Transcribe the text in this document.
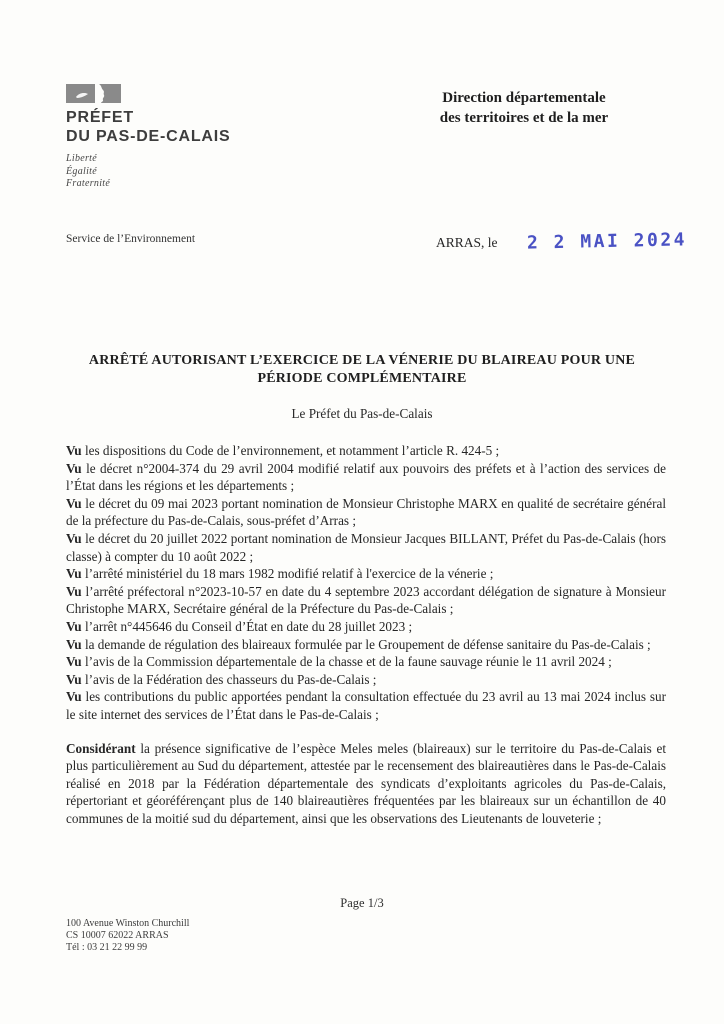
PRÉFET
DU PAS-DE-CALAIS
Liberté
Égalité
Fraternité
Direction départementale
des territoires et de la mer
Service de l’Environnement	ARRAS, le 2 2 MAI 2024
ARRÊTÉ AUTORISANT L’EXERCICE DE LA VÉNERIE DU BLAIREAU POUR UNE PÉRIODE COMPLÉMENTAIRE
Le Préfet du Pas-de-Calais

Vu les dispositions du Code de l’environnement, et notamment l’article R. 424-5 ;

Vu le décret n°2004-374 du 29 avril 2004 modifié relatif aux pouvoirs des préfets et à l’action des services de l’État dans les régions et les départements ;

Vu le décret du 09 mai 2023 portant nomination de Monsieur Christophe MARX en qualité de secrétaire général de la préfecture du Pas-de-Calais, sous-préfet d’Arras ;

Vu le décret du 20 juillet 2022 portant nomination de Monsieur Jacques BILLANT, Préfet du Pas-de-Calais (hors classe) à compter du 10 août 2022 ;

Vu l’arrêté ministériel du 18 mars 1982 modifié relatif à l'exercice de la vénerie ;

Vu l’arrêté préfectoral n°2023-10-57 en date du 4 septembre 2023 accordant délégation de signature à Monsieur Christophe MARX, Secrétaire général de la Préfecture du Pas-de-Calais ;

Vu l’arrêt n°445646 du Conseil d’État en date du 28 juillet 2023 ;

Vu la demande de régulation des blaireaux formulée par le Groupement de défense sanitaire du Pas-de-Calais ;

Vu l’avis de la Commission départementale de la chasse et de la faune sauvage réunie le 11 avril 2024 ;

Vu l’avis de la Fédération des chasseurs du Pas-de-Calais ;

Vu les contributions du public apportées pendant la consultation effectuée du 23 avril au 13 mai 2024 inclus sur le site internet des services de l’État dans le Pas-de-Calais ;

Considérant la présence significative de l’espèce Meles meles (blaireaux) sur le territoire du Pas-de-Calais et plus particulièrement au Sud du département, attestée par le recensement des blaireautières dans le Pas-de-Calais réalisé en 2018 par la Fédération départementale des syndicats d’exploitants agricoles du Pas-de-Calais, répertoriant et géoréférençant plus de 140 blaireautières fréquentées par les blaireaux sur un échantillon de 40 communes de la moitié sud du département, ainsi que les observations des Lieutenants de louveterie ;

Page 1/3
100 Avenue Winston Churchill
CS 10007 62022 ARRAS
Tél : 03 21 22 99 99
